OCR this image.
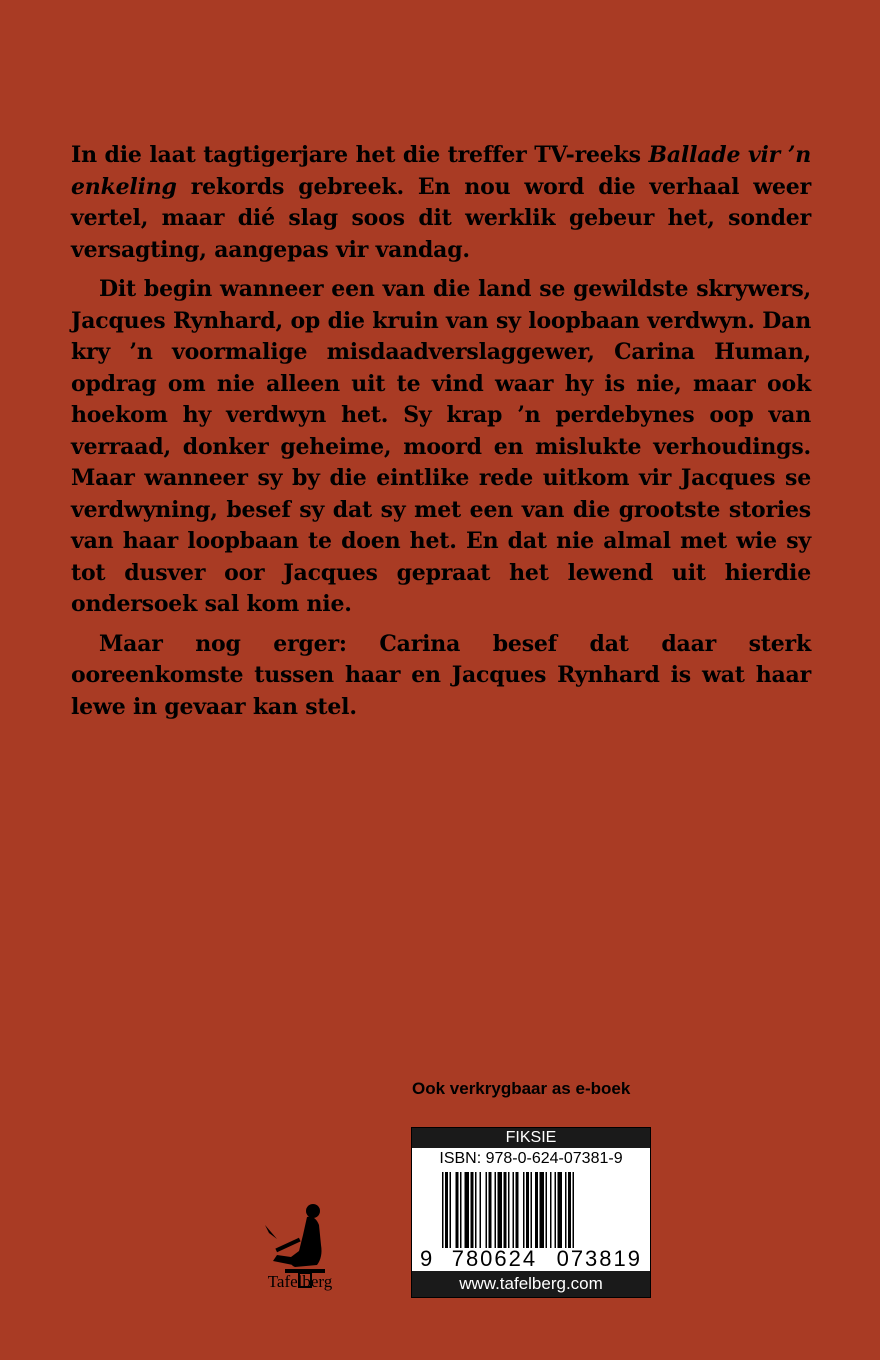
In die laat tagtigerjare het die treffer TV-reeks Ballade vir ’n enkeling rekords gebreek. En nou word die verhaal weer vertel, maar dié slag soos dit werklik gebeur het, sonder versagting, aangepas vir vandag.

Dit begin wanneer een van die land se gewildste skrywers, Jacques Rynhard, op die kruin van sy loopbaan verdwyn. Dan kry ’n voormalige misdaadverslaggewer, Carina Human, opdrag om nie alleen uit te vind waar hy is nie, maar ook hoekom hy verdwyn het. Sy krap ’n perdebynes oop van verraad, donker geheime, moord en mislukte verhoudings. Maar wanneer sy by die eintlike rede uitkom vir Jacques se verdwyning, besef sy dat sy met een van die grootste stories van haar loopbaan te doen het. En dat nie almal met wie sy tot dusver oor Jacques gepraat het lewend uit hierdie ondersoek sal kom nie.

Maar nog erger: Carina besef dat daar sterk ooreenkomste tussen haar en Jacques Rynhard is wat haar lewe in gevaar kan stel.

Ook verkrygbaar as e-boek
FIKSIE
ISBN: 978-0-624-07381-9
9 780624 073819
www.tafelberg.com
Tafelberg
